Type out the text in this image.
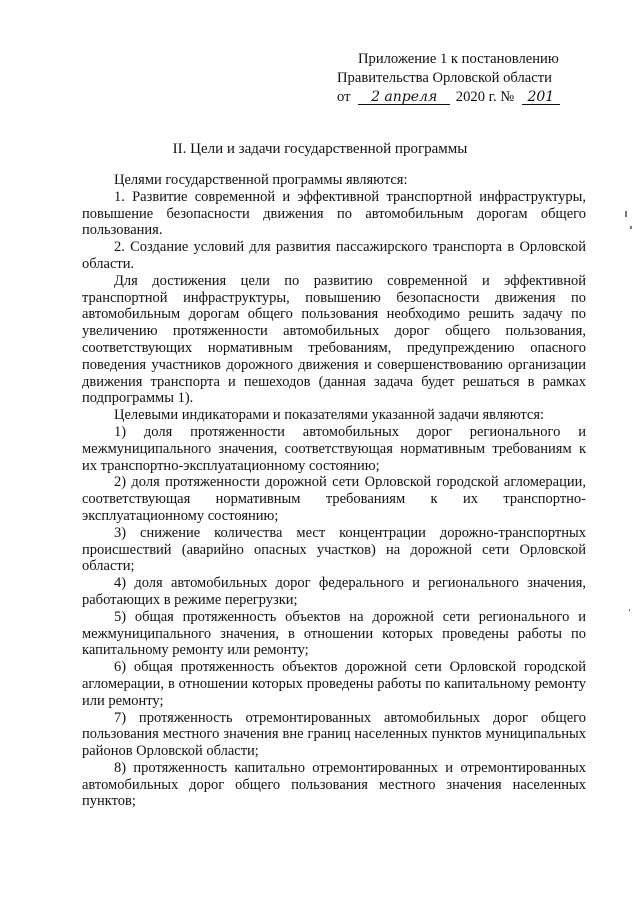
Приложение 1 к постановлению
Правительства Орловской области
от 2 апреля 2020 г. № 201
II. Цели и задачи государственной программы

Целями государственной программы являются:

1. Развитие современной и эффективной транспортной инфраструктуры, повышение безопасности движения по автомобильным дорогам общего пользования.

2. Создание условий для развития пассажирского транспорта в Орловской области.

Для достижения цели по развитию современной и эффективной транспортной инфраструктуры, повышению безопасности движения по автомобильным дорогам общего пользования необходимо решить задачу по увеличению протяженности автомобильных дорог общего пользования, соответствующих нормативным требованиям, предупреждению опасного поведения участников дорожного движения и совершенствованию организации движения транспорта и пешеходов (данная задача будет решаться в рамках подпрограммы 1).

Целевыми индикаторами и показателями указанной задачи являются:

1) доля протяженности автомобильных дорог регионального и межмуниципального значения, соответствующая нормативным требованиям к их транспортно-эксплуатационному состоянию;

2) доля протяженности дорожной сети Орловской городской агломерации, соответствующая нормативным требованиям к их транспортно-эксплуатационному состоянию;

3) снижение количества мест концентрации дорожно-транспортных происшествий (аварийно опасных участков) на дорожной сети Орловской области;

4) доля автомобильных дорог федерального и регионального значения, работающих в режиме перегрузки;

5) общая протяженность объектов на дорожной сети регионального и межмуниципального значения, в отношении которых проведены работы по капитальному ремонту или ремонту;

6) общая протяженность объектов дорожной сети Орловской городской агломерации, в отношении которых проведены работы по капитальному ремонту или ремонту;

7) протяженность отремонтированных автомобильных дорог общего пользования местного значения вне границ населенных пунктов муниципальных районов Орловской области;

8) протяженность капитально отремонтированных и отремонтированных автомобильных дорог общего пользования местного значения населенных пунктов;
